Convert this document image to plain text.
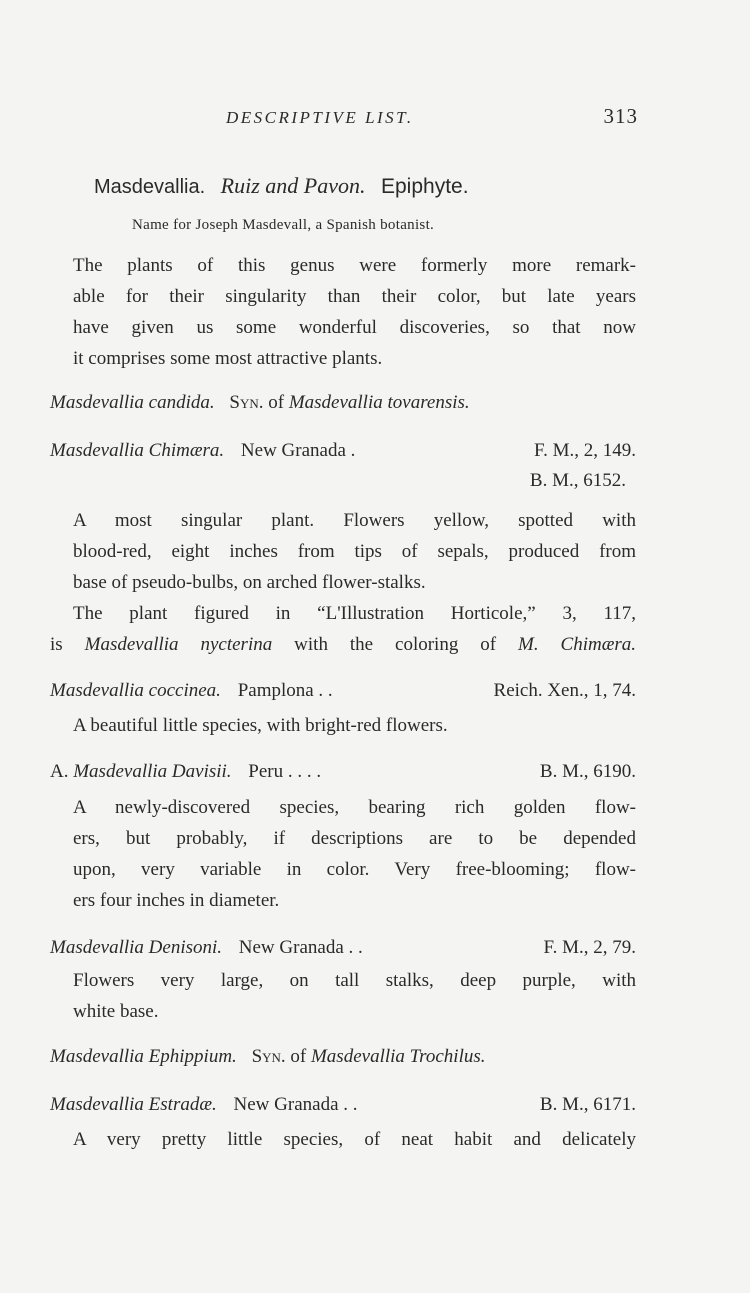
DESCRIPTIVE LIST.	313
Masdevallia. Ruiz and Pavon. Epiphyte.
Name for Joseph Masdevall, a Spanish botanist.
The plants of this genus were formerly more remark-
able for their singularity than their color, but late years
have given us some wonderful discoveries, so that now
it comprises some most attractive plants.
Masdevallia candida. Syn. of Masdevallia tovarensis.
Masdevallia Chimæra. New Granada .	F. M., 2, 149.
B. M., 6152.
A most singular plant. Flowers yellow, spotted with
blood-red, eight inches from tips of sepals, produced from
base of pseudo-bulbs, on arched flower-stalks.
The plant figured in “L'Illustration Horticole,” 3, 117,
is Masdevallia nycterina with the coloring of M. Chimæra.
Masdevallia coccinea. Pamplona . .	Reich. Xen., 1, 74.
A beautiful little species, with bright-red flowers.
A. Masdevallia Davisii. Peru . . . .	B. M., 6190.
A newly-discovered species, bearing rich golden flow-
ers, but probably, if descriptions are to be depended
upon, very variable in color. Very free-blooming; flow-
ers four inches in diameter.
Masdevallia Denisoni. New Granada . .	F. M., 2, 79.
Flowers very large, on tall stalks, deep purple, with
white base.
Masdevallia Ephippium. Syn. of Masdevallia Trochilus.
Masdevallia Estradæ. New Granada . .	B. M., 6171.
A very pretty little species, of neat habit and delicately
